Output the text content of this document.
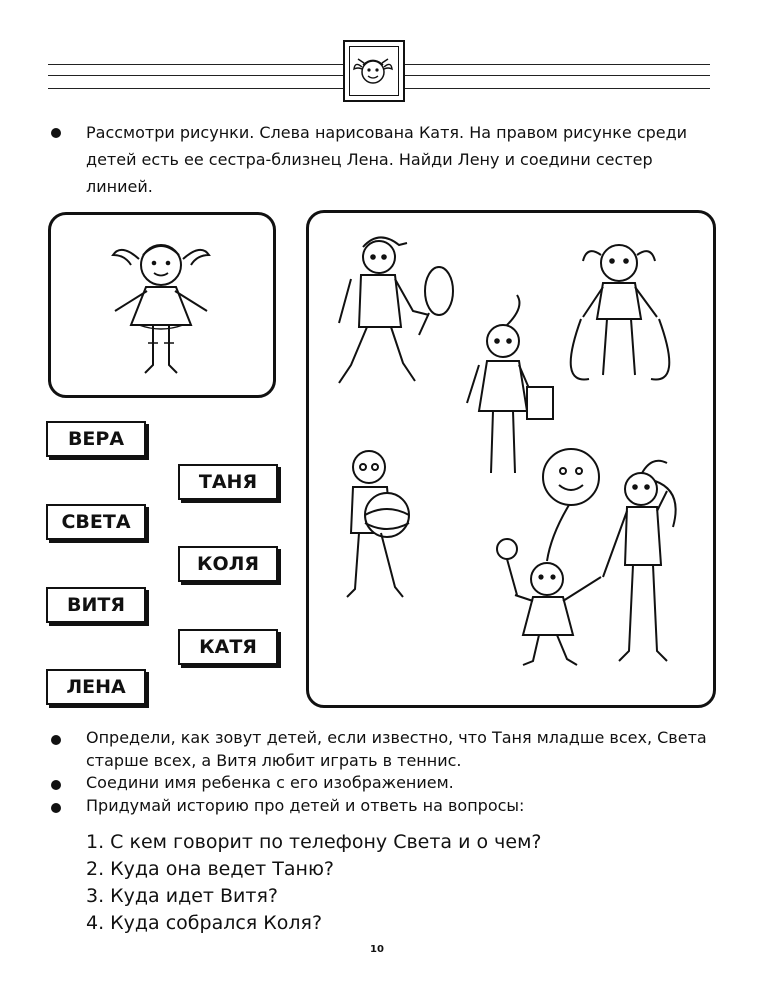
Рассмотри рисунки. Слева нарисована Катя. На правом рисунке среди
детей есть ее сестра-близнец Лена. Найди Лену и соедини сестер
линией.
ВЕРА
ТАНЯ
СВЕТА
КОЛЯ
ВИТЯ
КАТЯ
ЛЕНА
Определи, как зовут детей, если известно, что Таня младше всех, Света
старше всех, а Витя любит играть в теннис.
Соедини имя ребенка с его изображением.
Придумай историю про детей и ответь на вопросы:
1. С кем говорит по телефону Света и о чем?
2. Куда она ведет Таню?
3. Куда идет Витя?
4. Куда собрался Коля?
10
